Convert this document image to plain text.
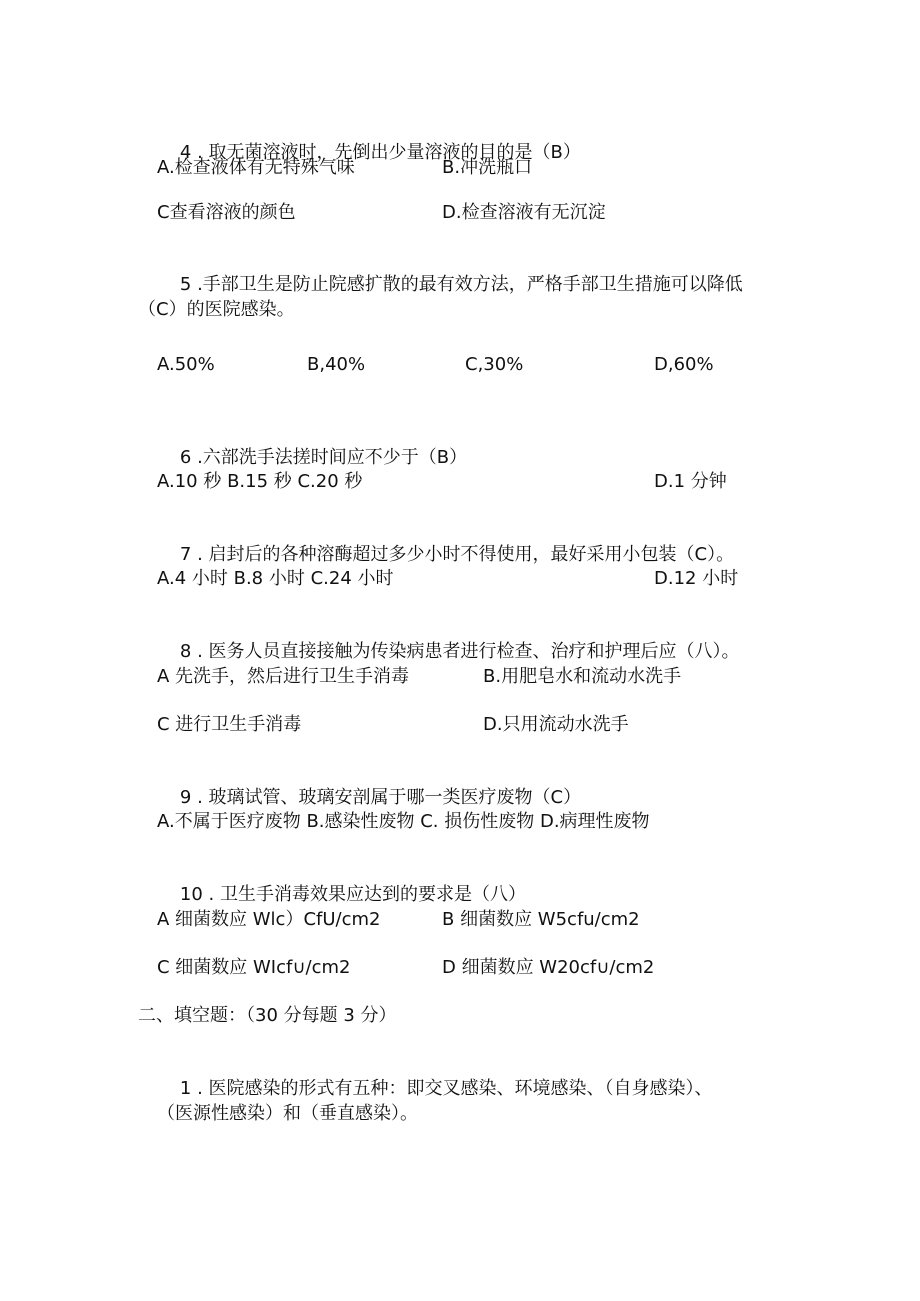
4 . 取无菌溶液时，先倒出少量溶液的目的是（B）

A.检查液体有无特殊气味	B.冲洗瓶口
C查看溶液的颜色	D.检查溶液有无沉淀

5 .手部卫生是防止院感扩散的最有效方法，严格手部卫生措施可以降低

（C）的医院感染。
A.50%	B,40%	C,30%	D,60%

6 .六部洗手法搓时间应不少于（B）

A.10 秒 B.15 秒 C.20 秒	D.1 分钟

7 . 启封后的各种溶酶超过多少小时不得使用，最好采用小包装（C）。

A.4 小时 B.8 小时 C.24 小时	D.12 小时

8 . 医务人员直接接触为传染病患者进行检查、治疗和护理后应（八）。

A 先洗手，然后进行卫生手消毒	B.用肥皂水和流动水洗手
C 进行卫生手消毒	D.只用流动水洗手

9 . 玻璃试管、玻璃安剖属于哪一类医疗废物（C）

A.不属于医疗废物 B.感染性废物 C. 损伤性废物 D.病理性废物

10 . 卫生手消毒效果应达到的要求是（八）

A 细菌数应 Wlc）CfU/cm2	B 细菌数应 W5cfu/cm2
C 细菌数应 WIcf∪/cm2	D 细菌数应 W20cf∪/cm2
二、填空题：（30 分每题 3 分）

1 . 医院感染的形式有五种：即交叉感染、环境感染、（自身感染）、

（医源性感染）和（垂直感染）。
